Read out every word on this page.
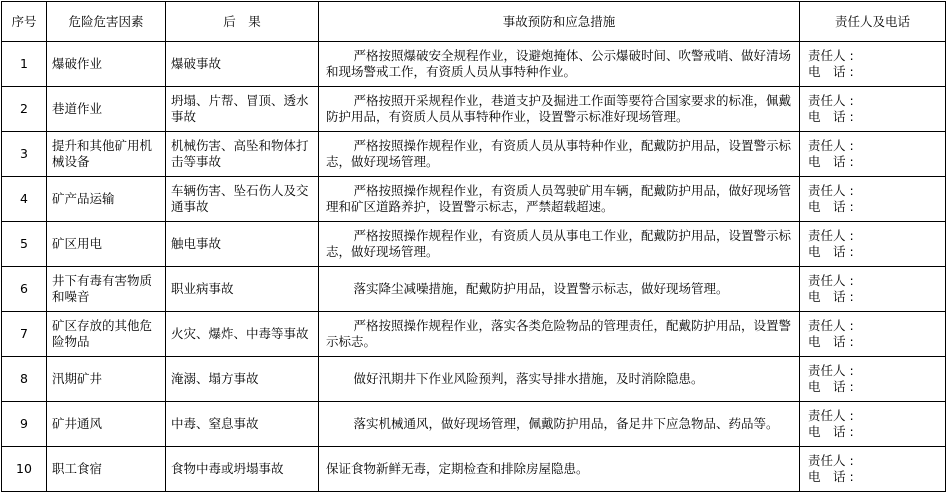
序号	危险危害因素	后　果	事故预防和应急措施	责任人及电话
1	爆破作业	爆破事故	严格按照爆破安全规程作业，设避炮掩体、公示爆破时间、吹警戒哨、做好清场和现场警戒工作，有资质人员从事特种作业。	责任人 :
电　话 :

2	巷道作业	坍塌、片帮、冒顶、透水事故	严格按照开采规程作业，巷道支护及掘进工作面等要符合国家要求的标准，佩戴防护用品，有资质人员从事特种作业，设置警示标准好现场管理。	责任人 :
电　话 :

3	提升和其他矿用机械设备	机械伤害、高坠和物体打击等事故	严格按照操作规程作业，有资质人员从事特种作业，配戴防护用品，设置警示标志，做好现场管理。	责任人 :
电　话 :

4	矿产品运输	车辆伤害、坠石伤人及交通事故	严格按照操作规程作业，有资质人员驾驶矿用车辆，配戴防护用品，做好现场管理和矿区道路养护，设置警示标志，严禁超载超速。	责任人 :
电　话 :

5	矿区用电	触电事故	严格按照操作规程作业，有资质人员从事电工作业，配戴防护用品，设置警示标志，做好现场管理。	责任人 :
电　话 :

6	井下有毒有害物质和噪音	职业病事故	落实降尘减噪措施，配戴防护用品，设置警示标志，做好现场管理。	责任人 :
电　话 :

7	矿区存放的其他危险物品	火灾、爆炸、中毒等事故	严格按照操作规程作业，落实各类危险物品的管理责任，配戴防护用品，设置警示标志。	责任人 :
电　话 :

8	汛期矿井	淹溺、塌方事故	做好汛期井下作业风险预判，落实导排水措施，及时消除隐患。	责任人 :
电　话 :

9	矿井通风	中毒、窒息事故	落实机械通风，做好现场管理，佩戴防护用品，备足井下应急物品、药品等。	责任人 :
电　话 :

10	职工食宿	食物中毒或坍塌事故	保证食物新鲜无毒，定期检查和排除房屋隐患。	责任人 :
电　话 :
